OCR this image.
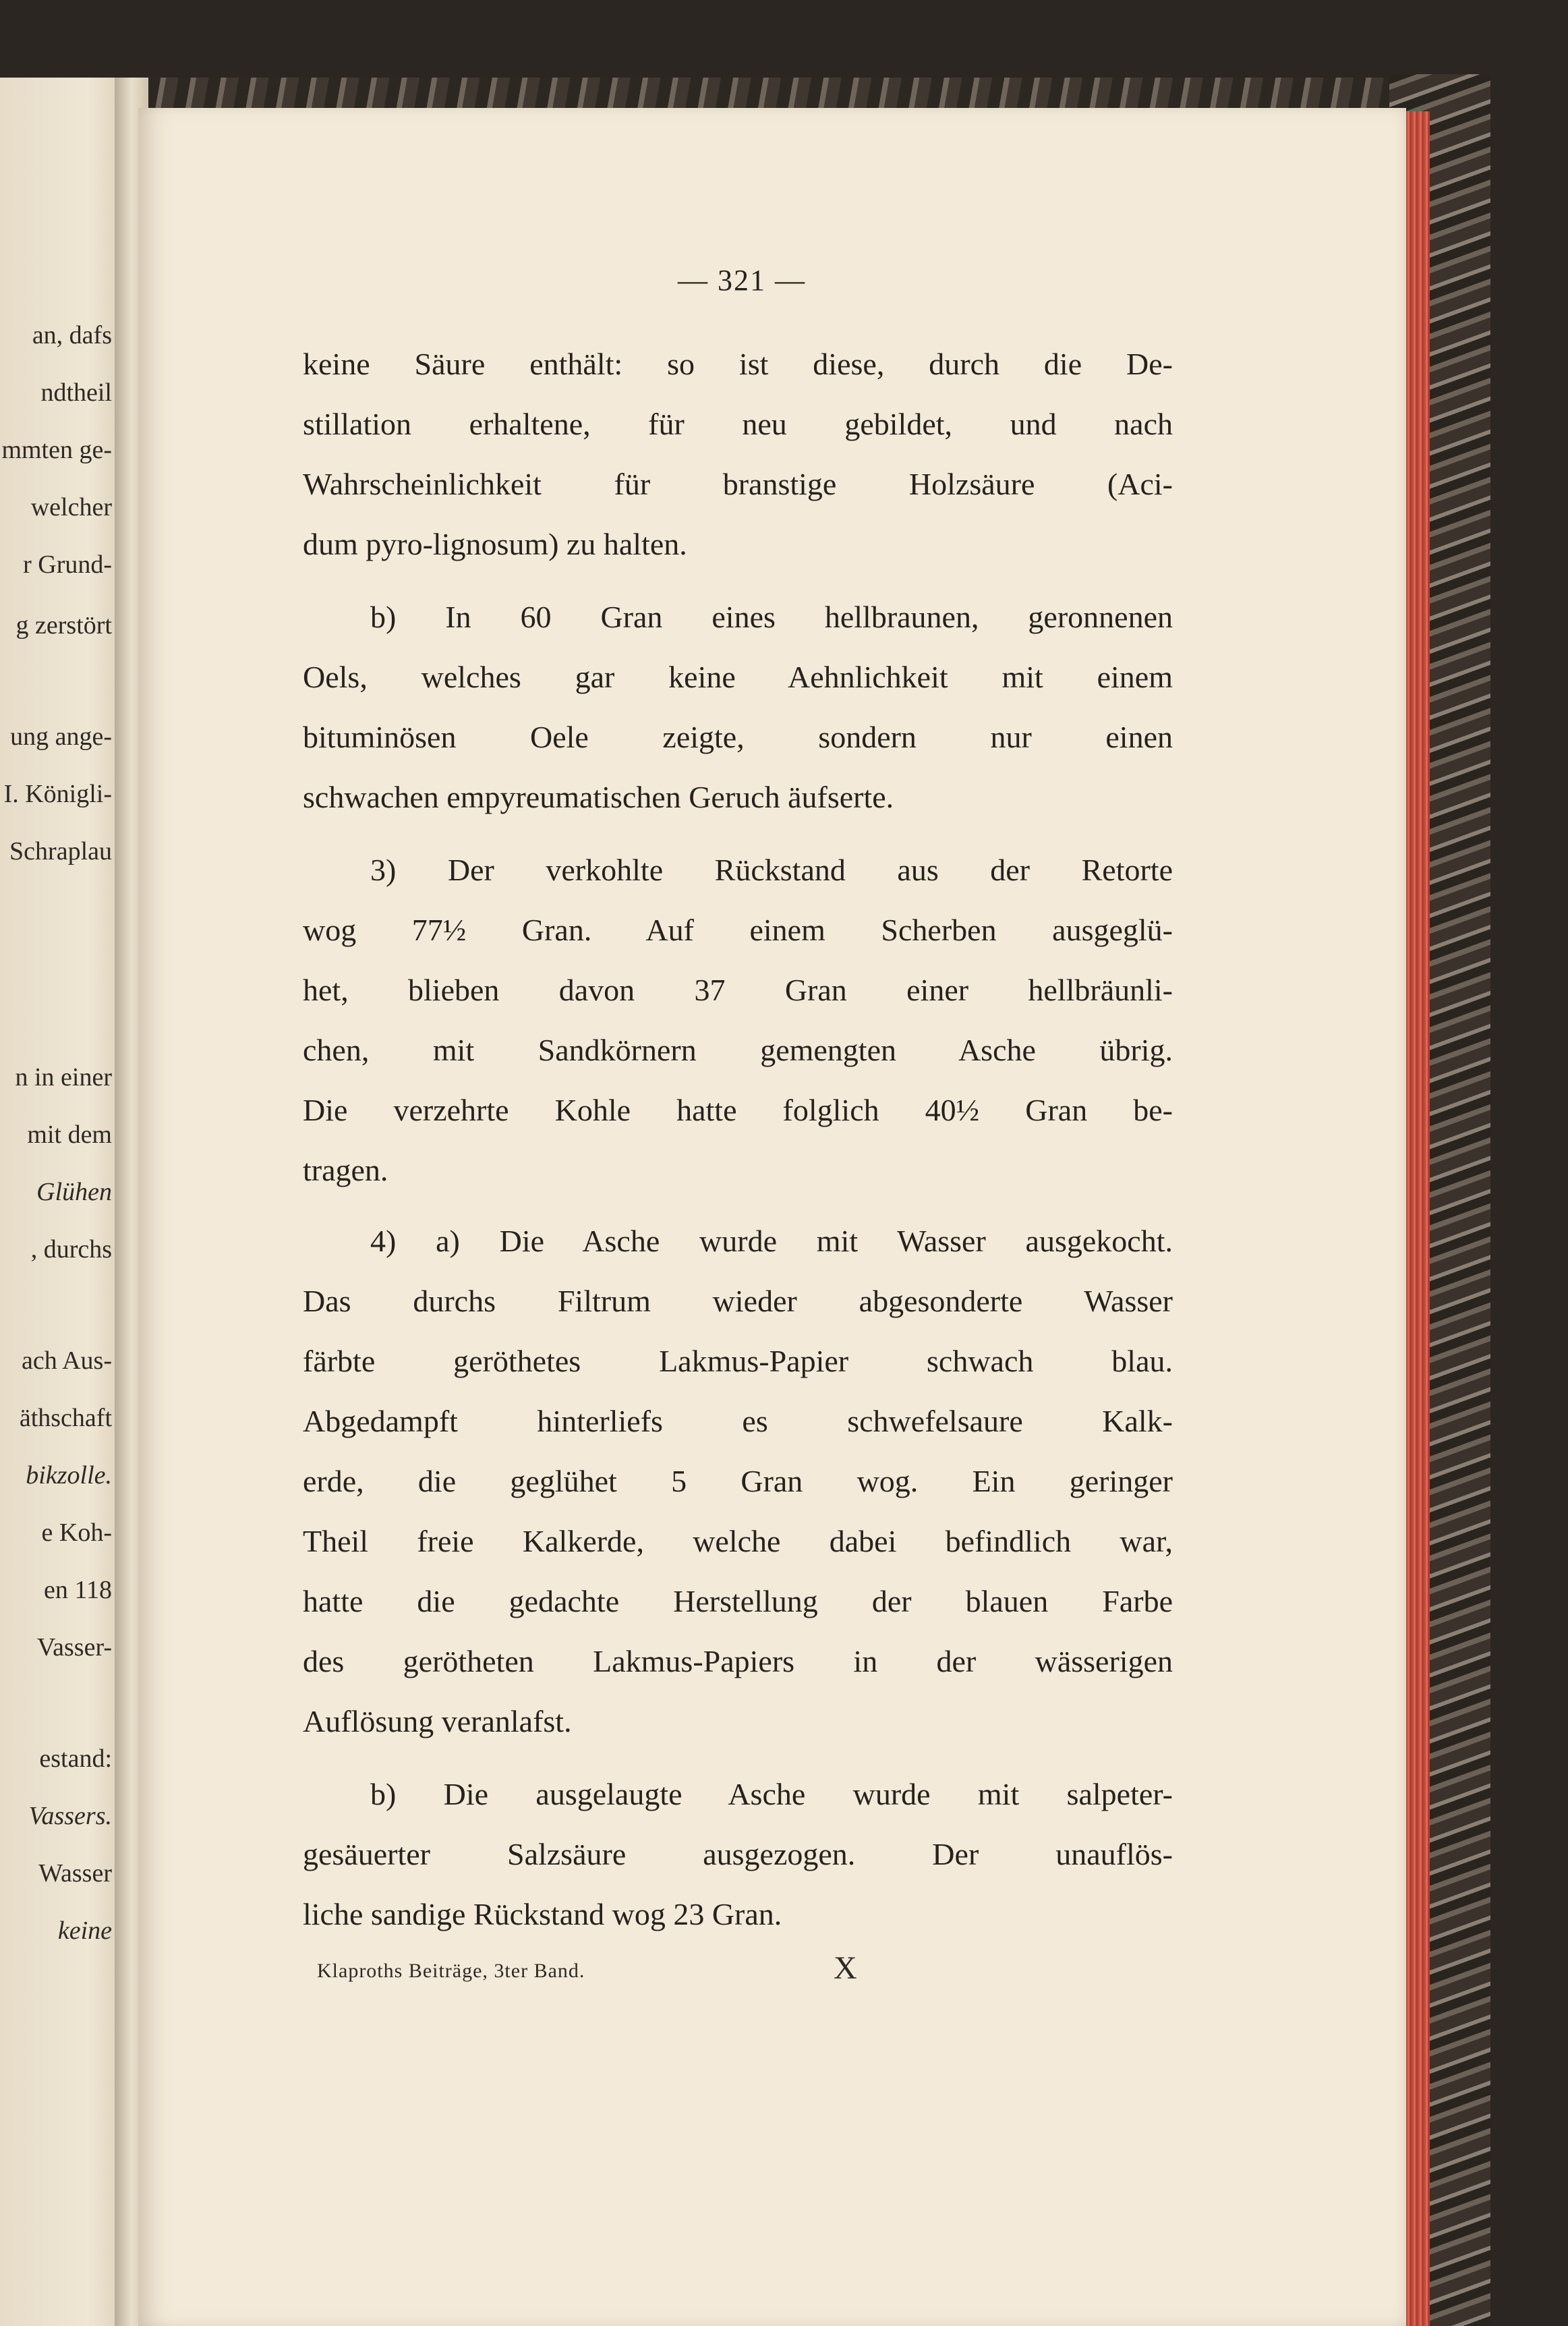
an, dafs
ndtheil
mmten ge-
welcher
r Grund-
g zerstört
ung ange-
I. Königli-
Schraplau
n in einer
mit dem
Glühen
, durchs
ach Aus-
äthschaft
bikzolle.
e Koh-
en 118
Vasser-
estand:
Vassers.
Wasser
keine
— 321 —
keine Säure enthält: so ist diese, durch die De-
stillation erhaltene, für neu gebildet, und nach
Wahrscheinlichkeit für branstige Holzsäure (Aci-
dum pyro-lignosum) zu halten.
b) In 60 Gran eines hellbraunen, geronnenen
Oels, welches gar keine Aehnlichkeit mit einem
bituminösen Oele zeigte, sondern nur einen
schwachen empyreumatischen Geruch äufserte.
3) Der verkohlte Rückstand aus der Retorte
wog 77½ Gran. Auf einem Scherben ausgeglü-
het, blieben davon 37 Gran einer hellbräunli-
chen, mit Sandkörnern gemengten Asche übrig.
Die verzehrte Kohle hatte folglich 40½ Gran be-
tragen.
4) a) Die Asche wurde mit Wasser ausgekocht.
Das durchs Filtrum wieder abgesonderte Wasser
färbte geröthetes Lakmus-Papier schwach blau.
Abgedampft hinterliefs es schwefelsaure Kalk-
erde, die geglühet 5 Gran wog. Ein geringer
Theil freie Kalkerde, welche dabei befindlich war,
hatte die gedachte Herstellung der blauen Farbe
des gerötheten Lakmus-Papiers in der wässerigen
Auflösung veranlafst.
b) Die ausgelaugte Asche wurde mit salpeter-
gesäuerter Salzsäure ausgezogen. Der unauflös-
liche sandige Rückstand wog 23 Gran.
Klaproths Beiträge, 3ter Band.	X
